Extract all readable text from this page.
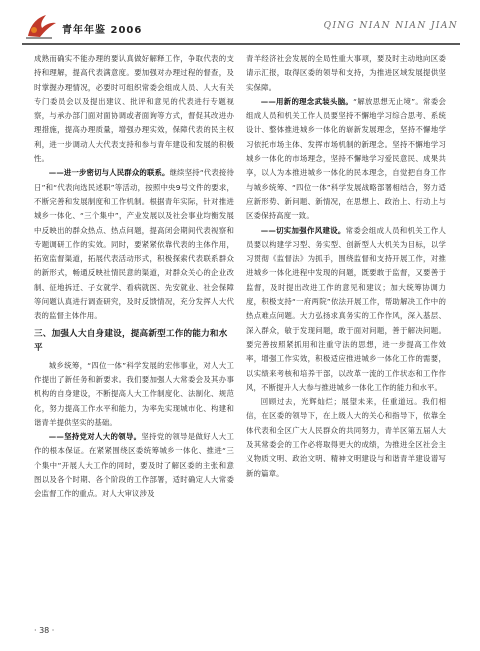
青年年鉴 2006	QING NIAN NIAN JIAN

成熟而确实不能办理的要认真做好解释工作，争取代表的支持和理解，提高代表满意度。要加强对办理过程的督查，及时掌握办理情况，必要时可组织常委会组成人员、人大有关专门委员会以及提出建议、批评和意见的代表进行专题视察，与承办部门面对面协调或者面询等方式，督促其改进办理措施，提高办理质量，增强办理实效，保障代表的民主权利，进一步调动人大代表支持和参与青年建设和发展的积极性。

——进一步密切与人民群众的联系。继续坚持“代表接待日”和“代表向选民述职”等活动，按照中央9号文件的要求，不断完善和发展制度和工作机制。根据青年实际，针对推进城乡一体化、“三个集中”，产业发展以及社会事业均衡发展中反映出的群众热点、热点问题，提高闭会期间代表视察和专题调研工作的实效。同时，要紧紧依靠代表的主体作用，拓宽监督渠道，拓展代表活动形式，积极探索代表联系群众的新形式，畅通反映社情民意的渠道，对群众关心的企业改制、征地拆迁、子女就学、看病就医、先安就业、社会保障等问题认真进行调查研究，及时反馈情况，充分发挥人大代表的监督主体作用。

三、加强人大自身建设，提高新型工作的能力和水平

城乡统筹，“四位一体”科学发展的宏伟事业，对人大工作提出了新任务和新要求。我们要加强人大常委会及其办事机构的自身建设，不断提高人大工作制度化、法制化、规范化，努力提高工作水平和能力，为率先实现城市化、构建和谐青羊提供坚实的基础。

——坚持党对人大的领导。坚持党的领导是做好人大工作的根本保证。在紧紧围绕区委统筹城乡一体化、推进“三个集中”开展人大工作的同时，要及时了解区委的主张和意图以及各个时期、各个阶段的工作部署，适时确定人大常委会监督工作的重点。对人大审议涉及

青羊经济社会发展的全局性重大事项，要及时主动地向区委请示汇报，取得区委的领导和支持，为推进区域发展提供坚实保障。

——用新的理念武装头脑。“解放思想无止境”。常委会组成人员和机关工作人员要坚持不懈地学习综合思考、系统设计、整体推进城乡一体化的崭新发展理念，坚持不懈地学习依托市场主体、发挥市场机制的新理念。坚持不懈地学习城乡一体化的市场理念，坚持不懈地学习爱民意民、成果共享，以人为本推进城乡一体化的民本理念，自觉把自身工作与城乡统筹、“四位一体”科学发展战略部署相结合，努力适应新形势、新问题、新情况，在思想上、政治上、行动上与区委保持高度一致。

——切实加强作风建设。常委会组成人员和机关工作人员要以构建学习型、务实型、创新型人大机关为目标，以学习贯彻《监督法》为抓手，围绕监督和支持开展工作，对推进城乡一体化进程中发现的问题，既要敢于监督，又要善于监督，及时提出改进工作的意见和建议；加大统筹协调力度，积极支持“一府两院”依法开展工作，帮助解决工作中的热点难点问题。大力弘扬求真务实的工作作风，深入基层、深入群众，敏于发现问题，敢于面对问题，善于解决问题。要完善按照紧抓用和注重守法的思想，进一步提高工作效率，增强工作实效，积极适应推进城乡一体化工作的需要，以实绩来考核和培养干部，以改革一流的工作状态和工作作风，不断提升人大参与推进城乡一体化工作的能力和水平。

回顾过去，光辉灿烂；展望未来，任重道远。我们相信，在区委的领导下，在上级人大的关心和指导下，依靠全体代表和全区广大人民群众的共同努力，青羊区第五届人大及其常委会的工作必将取得更大的成绩，为推进全区社会主义物质文明、政治文明、精神文明建设与和谐青羊建设谱写新的篇章。

· 38 ·
